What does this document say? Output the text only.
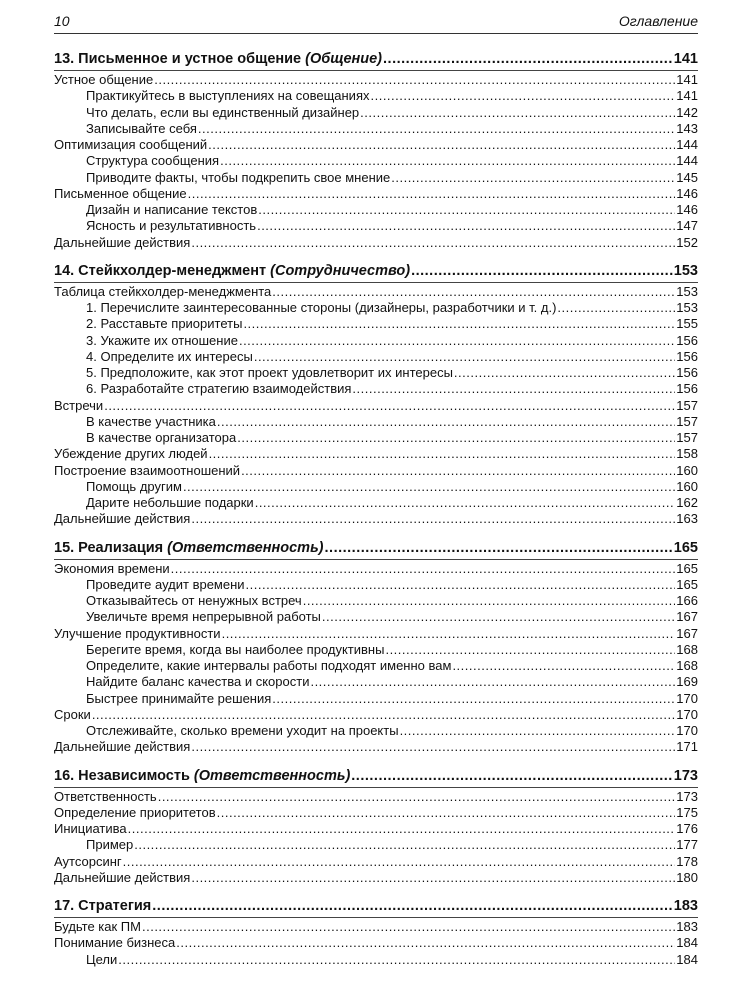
10	Оглавление
13. Письменное и устное общение (Общение) .....	141
Устное общение .....	141
Практикуйтесь в выступлениях на совещаниях .....	141
Что делать, если вы единственный дизайнер .....	142
Записывайте себя .....	143
Оптимизация сообщений .....	144
Структура сообщения .....	144
Приводите факты, чтобы подкрепить свое мнение .....	145
Письменное общение .....	146
Дизайн и написание текстов .....	146
Ясность и результативность .....	147
Дальнейшие действия .....	152
14. Стейкхолдер-менеджмент (Сотрудничество) .....	153
Таблица стейкхолдер-менеджмента .....	153
1. Перечислите заинтересованные стороны (дизайнеры, разработчики и т. д.) .....	153
2. Расставьте приоритеты .....	155
3. Укажите их отношение .....	156
4. Определите их интересы .....	156
5. Предположите, как этот проект удовлетворит их интересы .....	156
6. Разработайте стратегию взаимодействия .....	156
Встречи .....	157
В качестве участника .....	157
В качестве организатора .....	157
Убеждение других людей .....	158
Построение взаимоотношений .....	160
Помощь другим .....	160
Дарите небольшие подарки .....	162
Дальнейшие действия .....	163
15. Реализация (Ответственность) .....	165
Экономия времени .....	165
Проведите аудит времени .....	165
Отказывайтесь от ненужных встреч .....	166
Увеличьте время непрерывной работы .....	167
Улучшение продуктивности .....	167
Берегите время, когда вы наиболее продуктивны .....	168
Определите, какие интервалы работы подходят именно вам .....	168
Найдите баланс качества и скорости .....	169
Быстрее принимайте решения .....	170
Сроки .....	170
Отслеживайте, сколько времени уходит на проекты .....	170
Дальнейшие действия .....	171
16. Независимость (Ответственность) .....	173
Ответственность .....	173
Определение приоритетов .....	175
Инициатива .....	176
Пример .....	177
Аутсорсинг .....	178
Дальнейшие действия .....	180
17. Стратегия .....	183
Будьте как ПМ .....	183
Понимание бизнеса .....	184
Цели .....	184
